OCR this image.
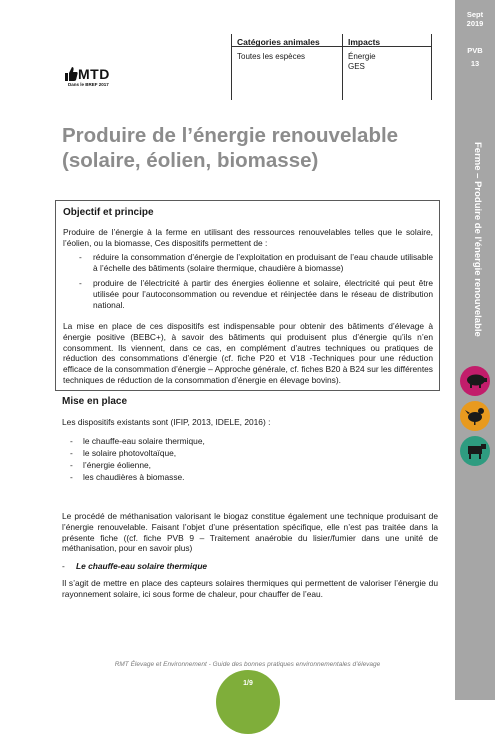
MTD
Dans le BREF 2017
Catégories animales
Toutes les espèces
Impacts
Énergie
GES
Sept
2019
PVB
13
Ferme – Produire de l’énergie renouvelable
Produire de l’énergie renouvelable
(solaire, éolien, biomasse)
Objectif et principe
Produire de l’énergie à la ferme en utilisant des ressources renouvelables telles que le solaire, l’éolien, ou la biomasse, Ces dispositifs permettent de :
- réduire la consommation d’énergie de l’exploitation en produisant de l’eau chaude utilisable à l’échelle des bâtiments (solaire thermique, chaudière à biomasse)
- produire de l’électricité à partir des énergies éolienne et solaire, électricité qui peut être utilisée pour l’autoconsommation ou revendue et réinjectée dans le réseau de distribution national.
La mise en place de ces dispositifs est indispensable pour obtenir des bâtiments d’élevage à énergie positive (BEBC+), à savoir des bâtiments qui produisent plus d’énergie qu’ils n’en consomment. Ils viennent, dans ce cas, en complément d’autres techniques ou pratiques de réduction des consommations d’énergie (cf. fiche P20 et V18 -Techniques pour une réduction efficace de la consommation d’énergie – Approche générale, cf. fiches B20 à B24 sur les différentes techniques de réduction de la consommation d’énergie en élevage bovins).
Mise en place
Les dispositifs existants sont (IFIP, 2013, IDELE, 2016) :
- le chauffe-eau solaire thermique,
- le solaire photovoltaïque,
- l’énergie éolienne,
- les chaudières à biomasse.
Le procédé de méthanisation valorisant le biogaz constitue également une technique produisant de l’énergie renouvelable. Faisant l’objet d’une présentation spécifique, elle n’est pas traitée dans la présente fiche ((cf. fiche PVB 9 – Traitement anaérobie du lisier/fumier dans une unité de méthanisation, pour en savoir plus)
- Le chauffe-eau solaire thermique
Il s’agit de mettre en place des capteurs solaires thermiques qui permettent de valoriser l’énergie du rayonnement solaire, ici sous forme de chaleur, pour chauffer de l’eau.
RMT Élevage et Environnement - Guide des bonnes pratiques environnementales d’élevage
1/9
